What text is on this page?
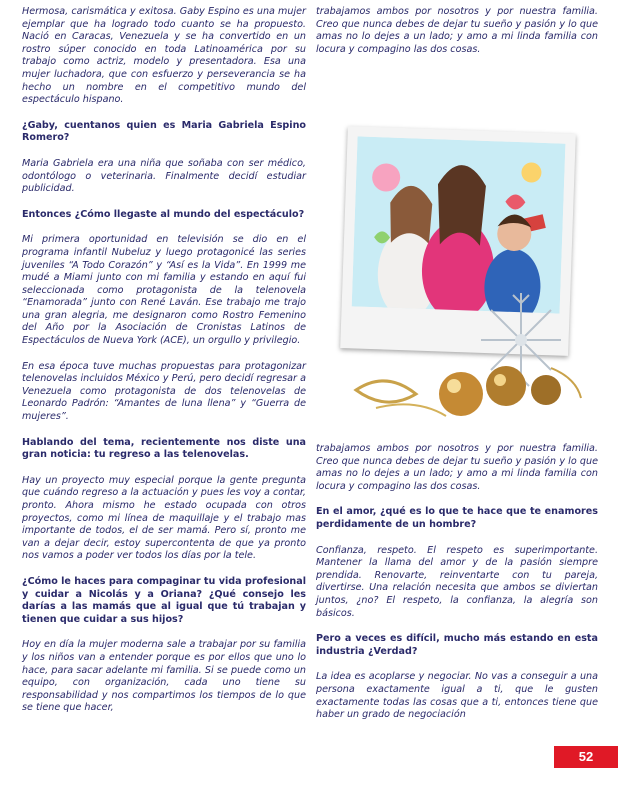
Hermosa, carismática y exitosa. Gaby Espino es una mujer ejemplar que ha logrado todo cuanto se ha propuesto. Nació en Caracas, Venezuela y se ha convertido en un rostro súper conocido en toda Latinoamérica por su trabajo como actriz, modelo y presentadora. Esa una mujer luchadora, que con esfuerzo y perseverancia se ha hecho un nombre en el competitivo mundo del espectáculo hispano.

¿Gaby, cuentanos quien es Maria Gabriela Espino Romero?

Maria Gabriela era una niña que soñaba con ser médico, odontólogo o veterinaria. Finalmente decidí estudiar publicidad.

Entonces ¿Cómo llegaste al mundo del espectáculo?

Mi primera oportunidad en televisión se dio en el programa infantil Nubeluz y luego protagonicé las series juveniles “A Todo Corazón” y “Así es la Vida”. En 1999 me mudé a Miami junto con mi familia y estando en aquí fui seleccionada como protagonista de la telenovela “Enamorada” junto con René Laván. Ese trabajo me trajo una gran alegria, me designaron como Rostro Femenino del Año por la Asociación de Cronistas Latinos de Espectáculos de Nueva York (ACE), un orgullo y privilegio.

En esa época tuve muchas propuestas para protagonizar telenovelas incluidos México y Perú, pero decidí regresar a Venezuela como protagonista de dos telenovelas de Leonardo Padrón: “Amantes de luna llena” y “Guerra de mujeres”.

Hablando del tema, recientemente nos diste una gran noticia: tu regreso a las telenovelas.

Hay un proyecto muy especial porque la gente pregunta que cuándo regreso a la actuación y pues les voy a contar, pronto. Ahora mismo he estado ocupada con otros proyectos, como mi línea de maquillaje y el trabajo mas importante de todos, el de ser mamá. Pero sí, pronto me van a dejar decir, estoy supercontenta de que ya pronto nos vamos a poder ver todos los días por la tele.

¿Cómo le haces para compaginar tu vida profesional y cuidar a Nicolás y a Oriana? ¿Qué consejo les darías a las mamás que al igual que tú trabajan y tienen que cuidar a sus hijos?

Hoy en día la mujer moderna sale a trabajar por su familia y los niños van a entender porque es por ellos que uno lo hace, para sacar adelante mi familia. Si se puede como un equipo, con organización, cada uno tiene su responsabilidad y nos compartimos los tiempos de lo que se tiene que hacer,

trabajamos ambos por nosotros y por nuestra familia. Creo que nunca debes de dejar tu sueño y pasión y lo que amas no lo dejes a un lado; y amo a mi linda familia con locura y compagino las dos cosas.

trabajamos ambos por nosotros y por nuestra familia. Creo que nunca debes de dejar tu sueño y pasión y lo que amas no lo dejes a un lado; y amo a mi linda familia con locura y compagino las dos cosas.

En el amor, ¿qué es lo que te hace que te enamores perdidamente de un hombre?

Confianza, respeto. El respeto es superimportante. Mantener la llama del amor y de la pasión siempre prendida. Renovarte, reinventarte con tu pareja, divertirse. Una relación necesita que ambos se diviertan juntos, ¿no? El respeto, la confianza, la alegría son básicos.

Pero a veces es difícil, mucho más estando en esta industria ¿Verdad?

La idea es acoplarse y negociar. No vas a conseguir a una persona exactamente igual a ti, que le gusten exactamente todas las cosas que a ti, entonces tiene que haber un grado de negociación

52
